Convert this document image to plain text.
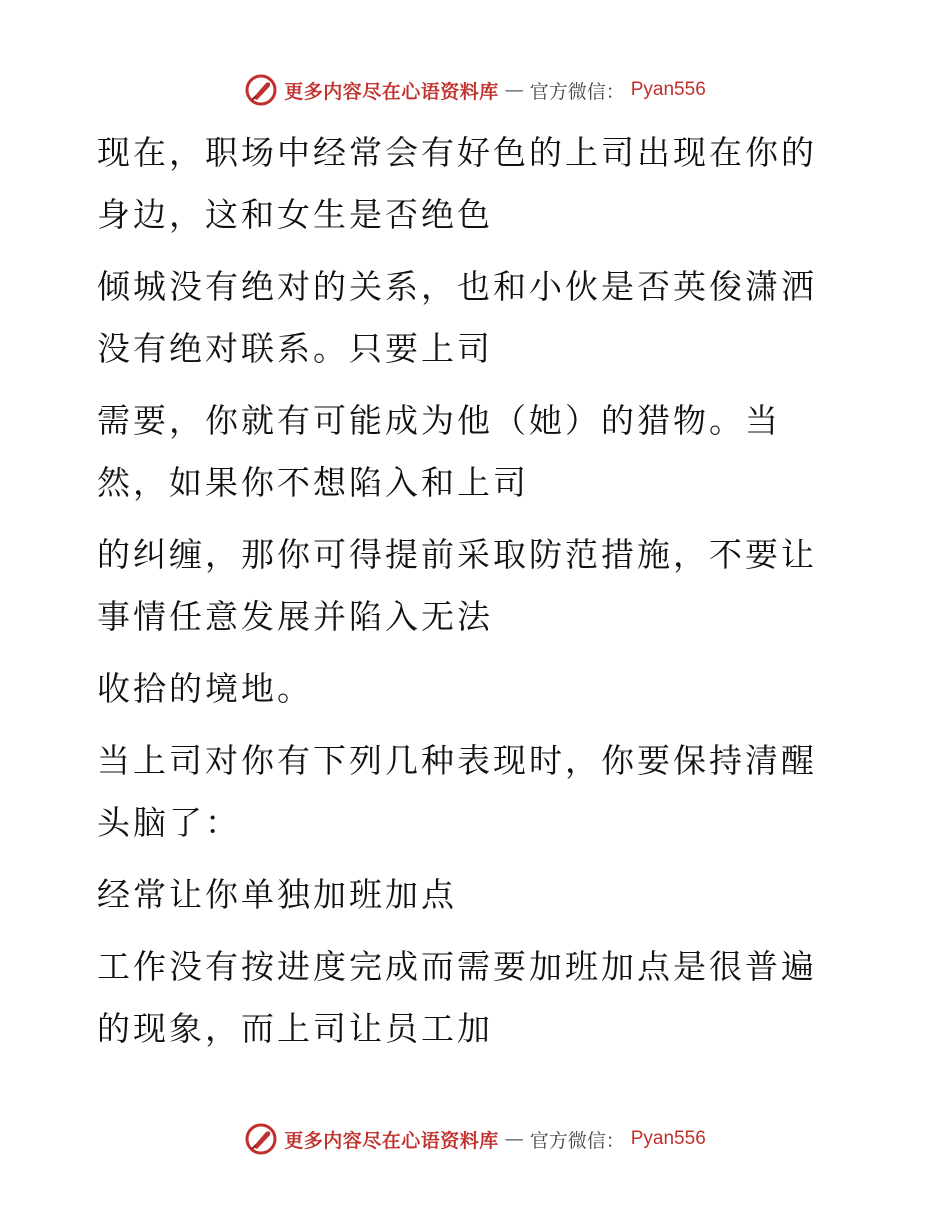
更多内容尽在心语资料库 — 官方微信： Pyan556

现在，职场中经常会有好色的上司出现在你的身边，这和女生是否绝色

倾城没有绝对的关系，也和小伙是否英俊潇洒没有绝对联系。只要上司

需要，你就有可能成为他（她）的猎物。当然，如果你不想陷入和上司

的纠缠，那你可得提前采取防范措施，不要让事情任意发展并陷入无法

收拾的境地。

当上司对你有下列几种表现时，你要保持清醒头脑了：

经常让你单独加班加点

工作没有按进度完成而需要加班加点是很普遍的现象，而上司让员工加

更多内容尽在心语资料库 — 官方微信： Pyan556
